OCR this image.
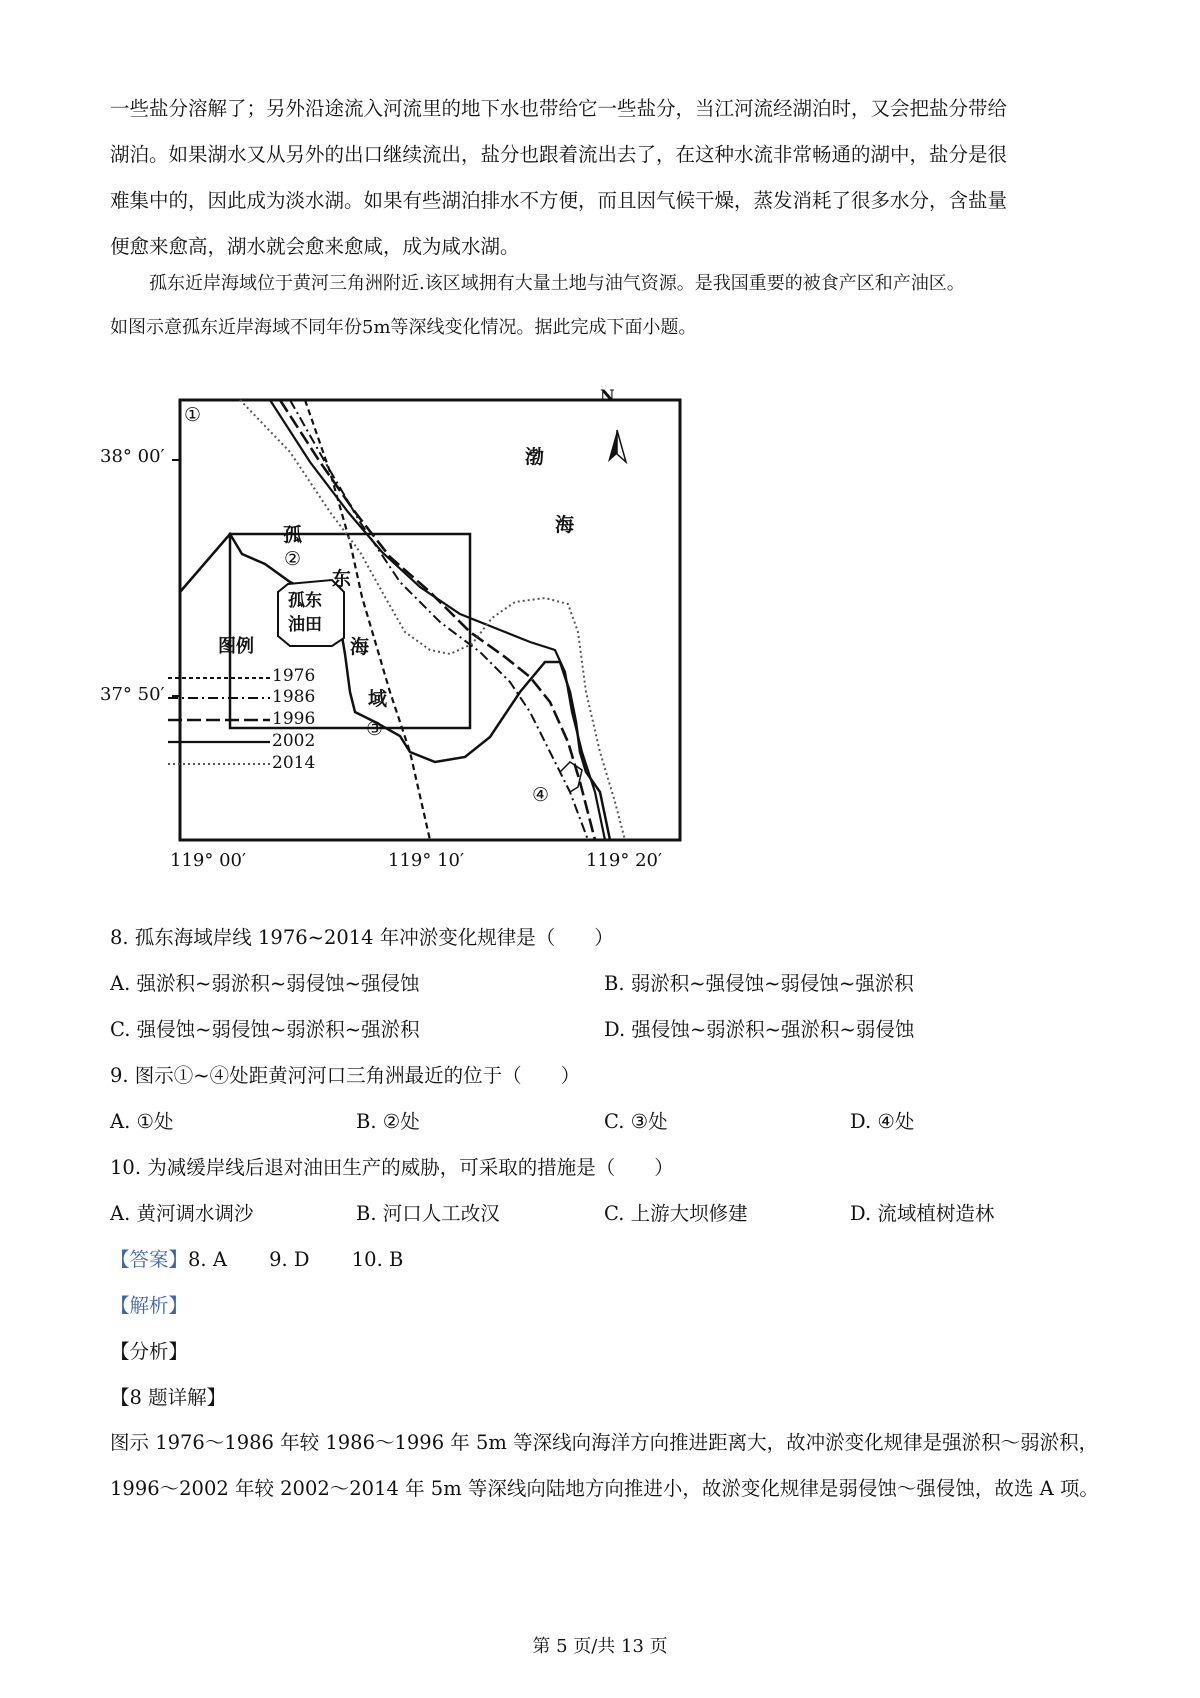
一些盐分溶解了；另外沿途流入河流里的地下水也带给它一些盐分，当江河流经湖泊时，又会把盐分带给

湖泊。如果湖水又从另外的出口继续流出，盐分也跟着流出去了，在这种水流非常畅通的湖中，盐分是很

难集中的，因此成为淡水湖。如果有些湖泊排水不方便，而且因气候干燥，蒸发消耗了很多水分，含盐量

便愈来愈高，湖水就会愈来愈咸，成为咸水湖。

孤东近岸海域位于黄河三角洲附近.该区域拥有大量土地与油气资源。是我国重要的被食产区和产油区。

如图示意孤东近岸海域不同年份5m等深线变化情况。据此完成下面小题。

N
渤
海
孤
东
海
域
孤东
油田
①
②
③
④
38° 00′
37° 50′
119° 00′	119° 10′	119° 20′
图例
1976
1986
1996
2002
2014
8. 孤东海域岸线 1976~2014 年冲淤变化规律是（　　）
A. 强淤积~弱淤积~弱侵蚀~强侵蚀	B. 弱淤积~强侵蚀~弱侵蚀~强淤积
C. 强侵蚀~弱侵蚀~弱淤积~强淤积	D. 强侵蚀~弱淤积~强淤积~弱侵蚀
9. 图示①~④处距黄河河口三角洲最近的位于（　　）
A. ①处	B. ②处	C. ③处	D. ④处
10. 为减缓岸线后退对油田生产的威胁，可采取的措施是（　　）
A. 黄河调水调沙	B. 河口人工改汉	C. 上游大坝修建	D. 流域植树造林
【答案】8. A 9. D 10. B
【解析】
【分析】
【8 题详解】

图示 1976～1986 年较 1986～1996 年 5m 等深线向海洋方向推进距离大，故冲淤变化规律是强淤积～弱淤积，

1996～2002 年较 2002～2014 年 5m 等深线向陆地方向推进小，故淤变化规律是弱侵蚀～强侵蚀，故选 A 项。

第 5 页/共 13 页
